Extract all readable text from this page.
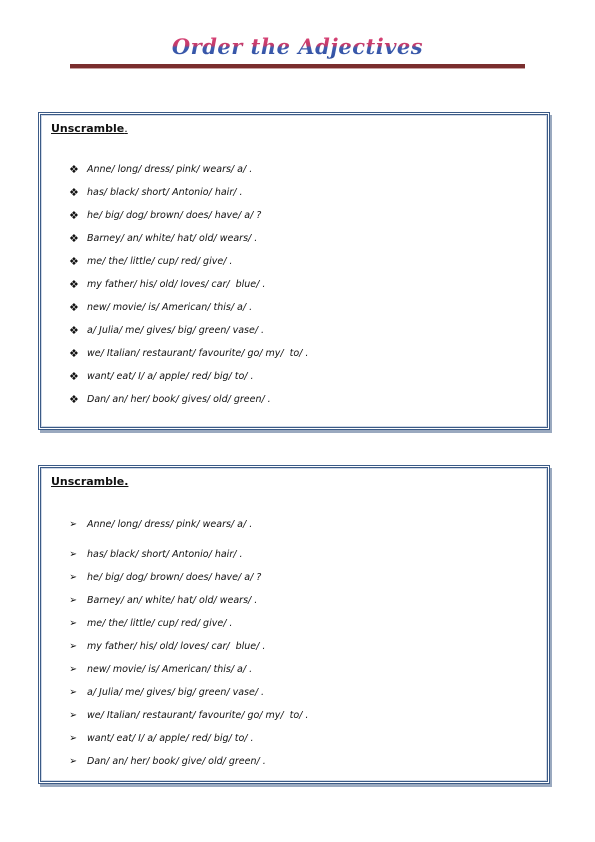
Order the Adjectives
Unscramble.
❖ Anne/ long/ dress/ pink/ wears/ a/ .
❖ has/ black/ short/ Antonio/ hair/ .
❖ he/ big/ dog/ brown/ does/ have/ a/ ?
❖ Barney/ an/ white/ hat/ old/ wears/ .
❖ me/ the/ little/ cup/ red/ give/ .
❖ my father/ his/ old/ loves/ car/  blue/ .
❖ new/ movie/ is/ American/ this/ a/ .
❖ a/ Julia/ me/ gives/ big/ green/ vase/ .
❖ we/ Italian/ restaurant/ favourite/ go/ my/  to/ .
❖ want/ eat/ I/ a/ apple/ red/ big/ to/ .
❖ Dan/ an/ her/ book/ gives/ old/ green/ .
Unscramble.
➢ Anne/ long/ dress/ pink/ wears/ a/ .
➢ has/ black/ short/ Antonio/ hair/ .
➢ he/ big/ dog/ brown/ does/ have/ a/ ?
➢ Barney/ an/ white/ hat/ old/ wears/ .
➢ me/ the/ little/ cup/ red/ give/ .
➢ my father/ his/ old/ loves/ car/  blue/ .
➢ new/ movie/ is/ American/ this/ a/ .
➢ a/ Julia/ me/ gives/ big/ green/ vase/ .
➢ we/ Italian/ restaurant/ favourite/ go/ my/  to/ .
➢ want/ eat/ I/ a/ apple/ red/ big/ to/ .
➢ Dan/ an/ her/ book/ give/ old/ green/ .
